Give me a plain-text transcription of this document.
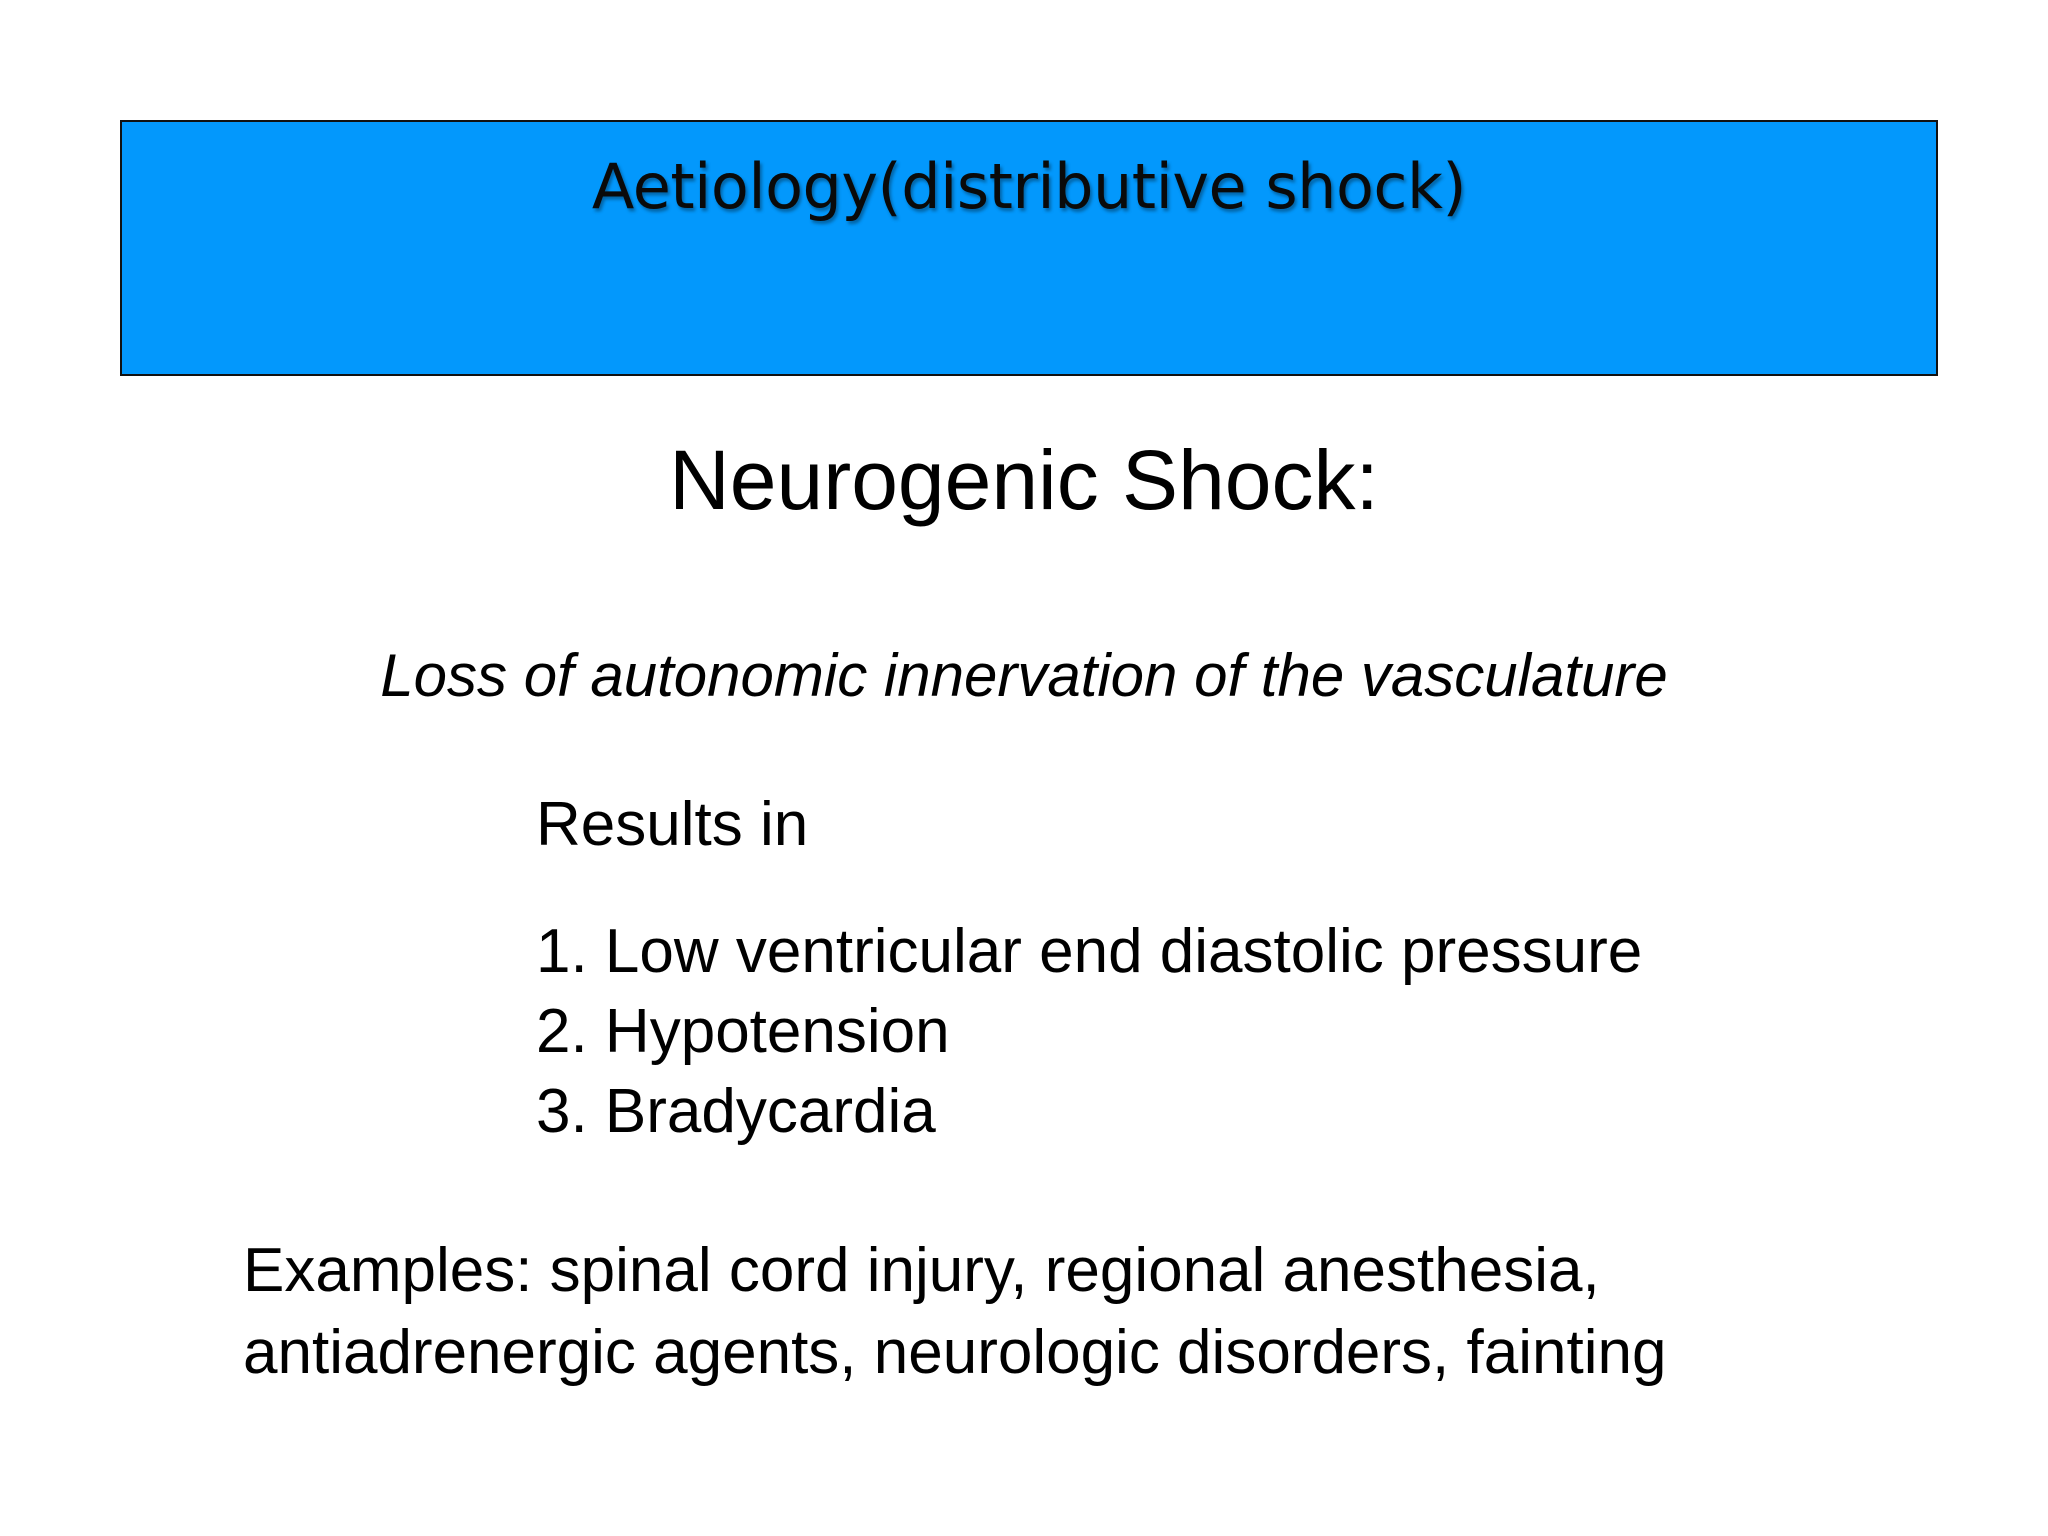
Aetiology(distributive shock)
Neurogenic Shock:
Loss of autonomic innervation of the vasculature
Results in
1. Low ventricular end diastolic pressure
2. Hypotension
3. Bradycardia
Examples: spinal cord injury, regional anesthesia,
antiadrenergic agents, neurologic disorders, fainting
